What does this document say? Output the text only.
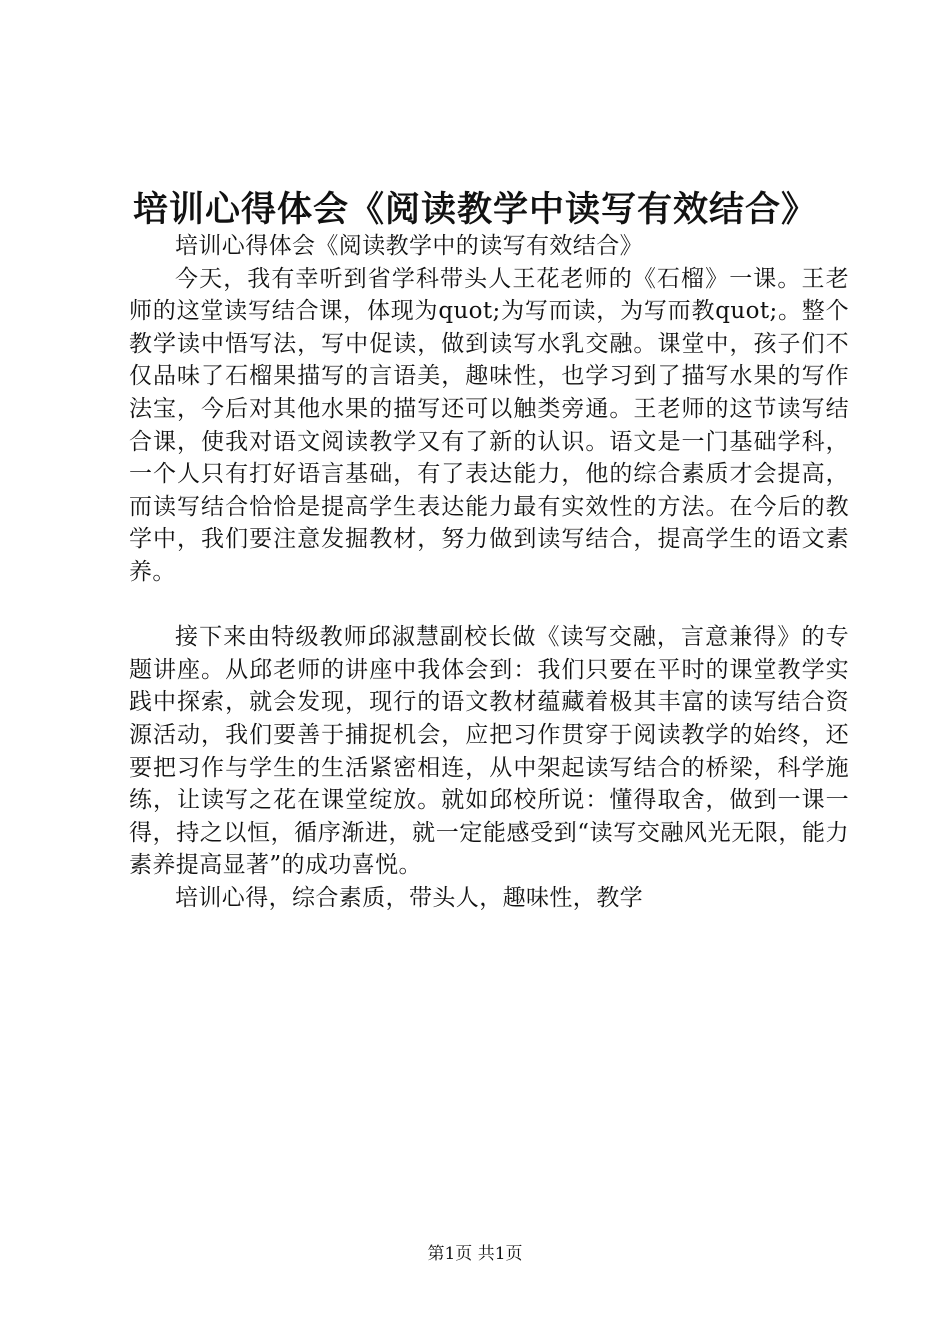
培训心得体会《阅读教学中读写有效结合》

培训心得体会《阅读教学中的读写有效结合》

今天，我有幸听到省学科带头人王花老师的《石榴》一课。王老师的这堂读写结合课，体现为quot;为写而读，为写而教quot;。整个教学读中悟写法，写中促读，做到读写水乳交融。课堂中，孩子们不仅品味了石榴果描写的言语美，趣味性，也学习到了描写水果的写作法宝，今后对其他水果的描写还可以触类旁通。王老师的这节读写结合课，使我对语文阅读教学又有了新的认识。语文是一门基础学科，一个人只有打好语言基础，有了表达能力，他的综合素质才会提高，而读写结合恰恰是提高学生表达能力最有实效性的方法。在今后的教学中，我们要注意发掘教材，努力做到读写结合，提高学生的语文素养。

接下来由特级教师邱淑慧副校长做《读写交融，言意兼得》的专题讲座。从邱老师的讲座中我体会到：我们只要在平时的课堂教学实践中探索，就会发现，现行的语文教材蕴藏着极其丰富的读写结合资源活动，我们要善于捕捉机会，应把习作贯穿于阅读教学的始终，还要把习作与学生的生活紧密相连，从中架起读写结合的桥梁，科学施练，让读写之花在课堂绽放。就如邱校所说：懂得取舍，做到一课一得，持之以恒，循序渐进，就一定能感受到“读写交融风光无限，能力素养提高显著”的成功喜悦。

培训心得，综合素质，带头人，趣味性，教学

第1页 共1页
